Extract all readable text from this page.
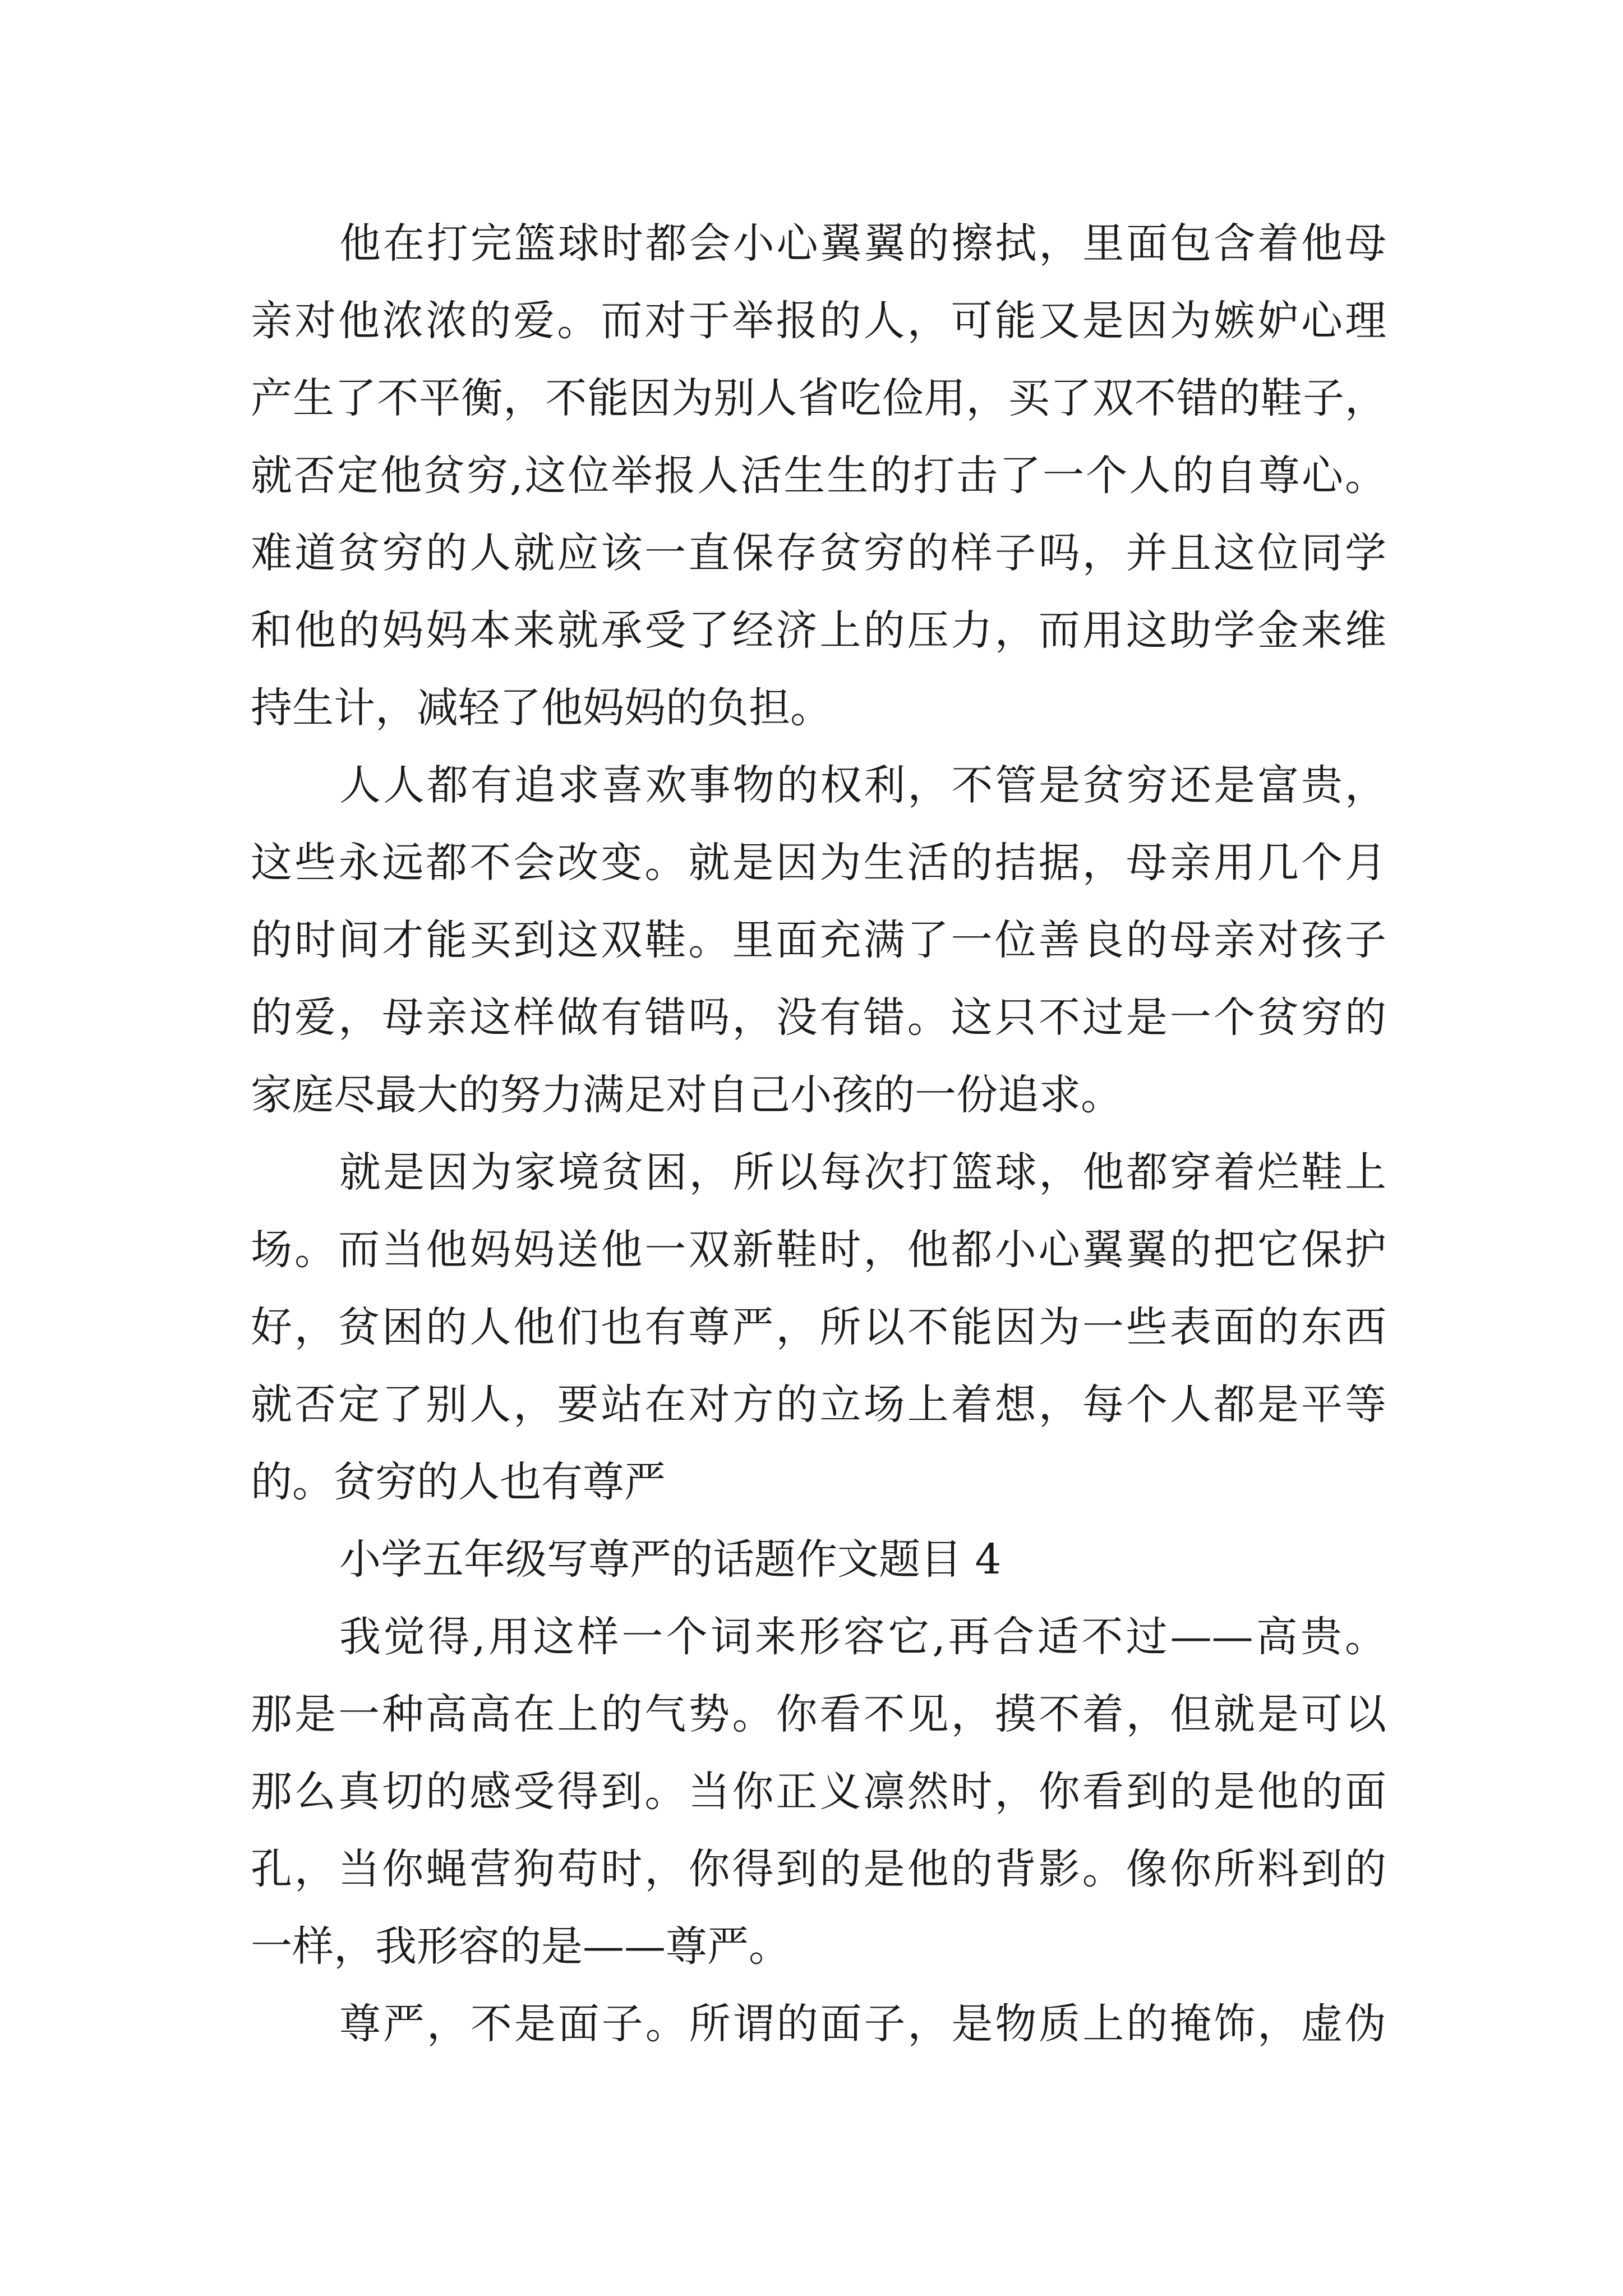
他在打完篮球时都会小心翼翼的擦拭，里面包含着他母
亲对他浓浓的爱。而对于举报的人，可能又是因为嫉妒心理
产生了不平衡，不能因为别人省吃俭用，买了双不错的鞋子，
就否定他贫穷,这位举报人活生生的打击了一个人的自尊心。
难道贫穷的人就应该一直保存贫穷的样子吗，并且这位同学
和他的妈妈本来就承受了经济上的压力，而用这助学金来维
持生计，减轻了他妈妈的负担。
人人都有追求喜欢事物的权利，不管是贫穷还是富贵，
这些永远都不会改变。就是因为生活的拮据，母亲用几个月
的时间才能买到这双鞋。里面充满了一位善良的母亲对孩子
的爱，母亲这样做有错吗，没有错。这只不过是一个贫穷的
家庭尽最大的努力满足对自己小孩的一份追求。
就是因为家境贫困，所以每次打篮球，他都穿着烂鞋上
场。而当他妈妈送他一双新鞋时，他都小心翼翼的把它保护
好，贫困的人他们也有尊严，所以不能因为一些表面的东西
就否定了别人，要站在对方的立场上着想，每个人都是平等
的。贫穷的人也有尊严
小学五年级写尊严的话题作文题目 4
我觉得,用这样一个词来形容它,再合适不过——高贵。
那是一种高高在上的气势。你看不见，摸不着，但就是可以
那么真切的感受得到。当你正义凛然时，你看到的是他的面
孔，当你蝇营狗苟时，你得到的是他的背影。像你所料到的
一样，我形容的是——尊严。
尊严，不是面子。所谓的面子，是物质上的掩饰，虚伪
